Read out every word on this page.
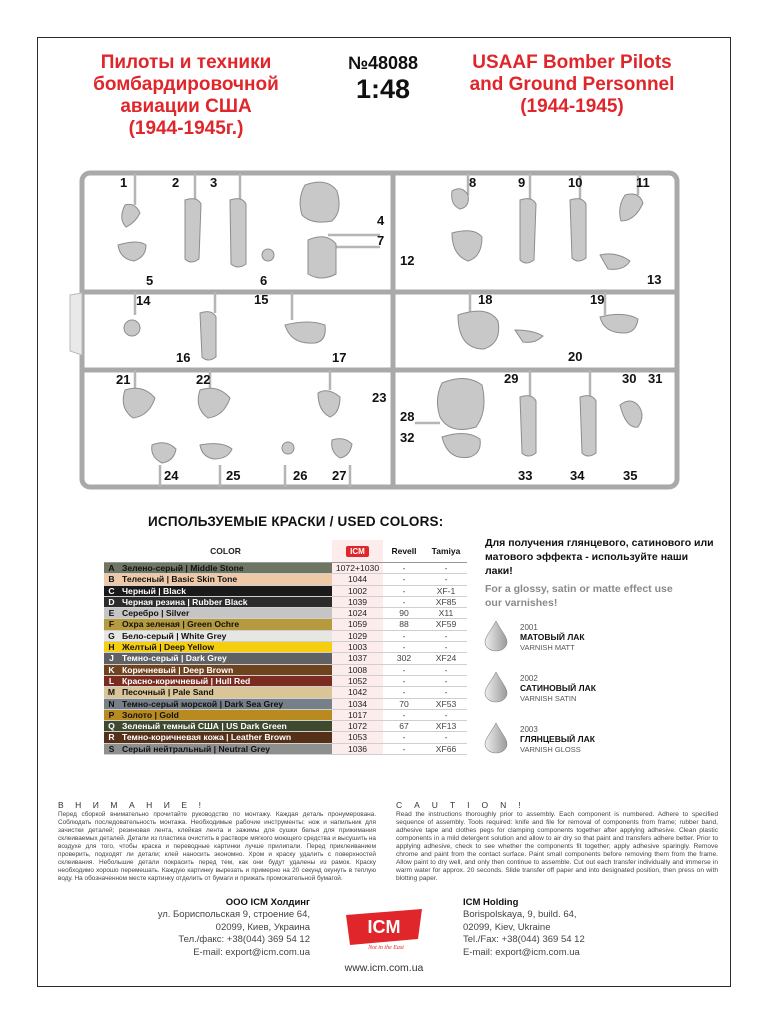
Пилоты и техники
бомбардировочной
авиации США
(1944-1945г.)
№48088
1:48
USAAF Bomber Pilots
and Ground Personnel
(1944-1945)
1	2 3
4
5	6
7
8	9	10	11
12
13
14	15
16	17
18	19
20
21	22
23
24	25	26 27
28
29	30 31
32
33	34	35
ИСПОЛЬЗУЕМЫЕ КРАСКИ / USED COLORS:
	COLOR	ICM	Revell	Tamiya
A	Зелено-серый | Middle Stone	1072+1030	-	-
B	Телесный | Basic Skin Tone	1044	-	-
C	Черный | Black	1002	-	XF-1
D	Черная резина | Rubber Black	1039	-	XF85
E	Серебро | Silver	1024	90	X11
F	Охра зеленая | Green Ochre	1059	88	XF59
G	Бело-серый | White Grey	1029	-	-
H	Желтый | Deep Yellow	1003	-	-
J	Темно-серый | Dark Grey	1037	302	XF24
K	Коричневый | Deep Brown	1008	-	-
L	Красно-коричневый | Hull Red	1052	-	-
M	Песочный | Pale Sand	1042	-	-
N	Темно-серый морской | Dark Sea Grey	1034	70	XF53
P	Золото | Gold	1017	-	-
Q	Зеленый темный США | US Dark Green	1072	67	XF13
R	Темно-коричневая кожа | Leather Brown	1053	-	-
S	Серый нейтральный | Neutral Grey	1036	-	XF66
Для получения глянцевого, сатинового или матового эффекта - используйте наши лаки!
For a glossy, satin or matte effect use our varnishes!
2001
МАТОВЫЙ ЛАК
VARNISH MATT
2002
САТИНОВЫЙ ЛАК
VARNISH SATIN
2003
ГЛЯНЦЕВЫЙ ЛАК
VARNISH GLOSS
ВНИМАНИЕ!
Перед сборкой внимательно прочитайте руководство по монтажу. Каждая деталь пронумерована. Соблюдать последовательность монтажа. Необходимые рабочие инструменты: нож и напильник для зачистки деталей; резиновая лента, клейкая лента и зажимы для сушки белья для прижимания склеиваемых деталей. Детали из пластика очистить в растворе мягкого моющего средства и высушить на воздухе для того, чтобы краска и переводные картинки лучше прилипали. Перед приклеиванием проверить, подходят ли детали; клей наносить экономно. Хром и краску удалить с поверхностей склеивания. Небольшие детали покрасить перед тем, как они будут удалены из рамок. Краску необходимо хорошо перемешать. Каждую картинку вырезать и примерно на 20 секунд окунуть в теплую воду. На обозначенном месте картинку отделить от бумаги и прижать промокательной бумагой.
CAUTION!
Read the instructions thoroughly prior to assembly. Each component is numbered. Adhere to specified sequence of assembly. Tools required: knife and file for removal of components from frame; rubber band, adhesive tape and clothes pegs for clamping components together after applying adhesive. Clean plastic components in a mild detergent solution and allow to air dry so that paint and transfers adhere better. Prior to applying adhesive, check to see whether the components fit together; apply adhesive sparingly. Remove chrome and paint from the contact surface. Paint small components before removing them from the frame. Allow paint to dry well, and only then continue to assemble. Cut out each transfer individually and immerse in warm water for approx. 20 seconds. Slide transfer off paper and into designated position, then press on with blotting paper.
ООО ICM Холдинг
ул. Бориспольская 9, строение 64,
02099, Киев, Украина
Тел./факс: +38(044) 369 54 12
E-mail: export@icm.com.ua
ICM
Not in the East
ICM Holding
Borispolskaya, 9, build. 64,
02099, Kiev, Ukraine
Tel./Fax: +38(044) 369 54 12
E-mail: export@icm.com.ua
www.icm.com.ua
